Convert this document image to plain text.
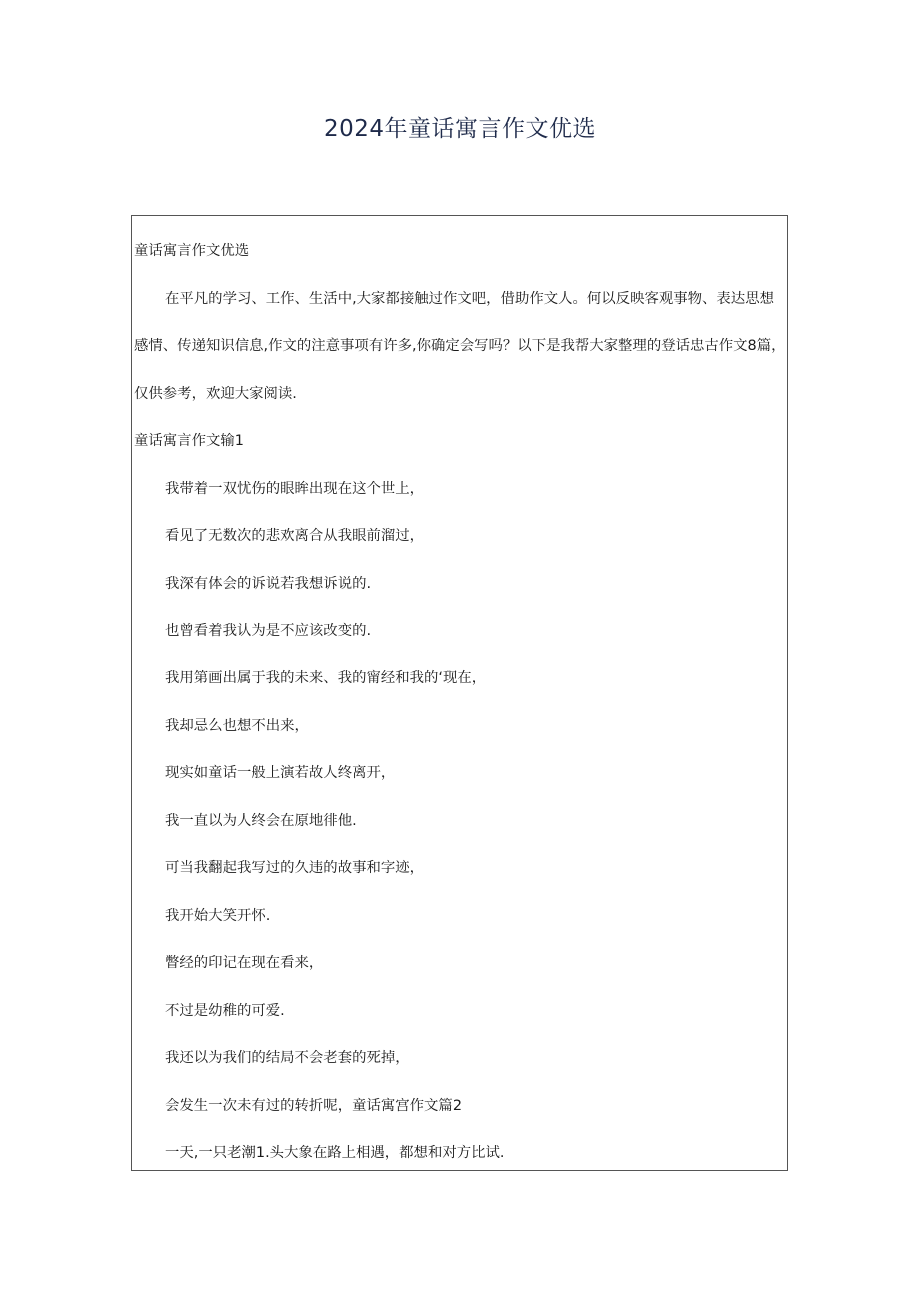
2024年童话寓言作文优选

童话寓言作文优选

在平凡的学习、工作、生活中,大家都接触过作文吧，借助作文人。何以反映客观事物、表达思想

感情、传递知识信息,作文的注意事项有许多,你确定会写吗？以下是我帮大家整理的登话忠古作文8篇，

仅供参考，欢迎大家阅读.

童话寓言作文输1

我带着一双忧伤的眼眸出现在这个世上，

看见了无数次的悲欢离合从我眼前溜过，

我深有体会的诉说若我想诉说的.

也曾看着我认为是不应该改变的.

我用第画出属于我的未来、我的甯经和我的‘现在，

我却忌么也想不出来，

现实如童话一般上演若故人终离开，

我一直以为人终会在原地徘他.

可当我翻起我写过的久违的故事和字迹，

我开始大笑开怀.

瞥经的印记在现在看来，

不过是幼稚的可爱.

我还以为我们的结局不会老套的死掉，

会发生一次未有过的转折呢，童话寓宫作文篇2

一天,一只老潮1.头大象在路上相遇，都想和对方比试.
